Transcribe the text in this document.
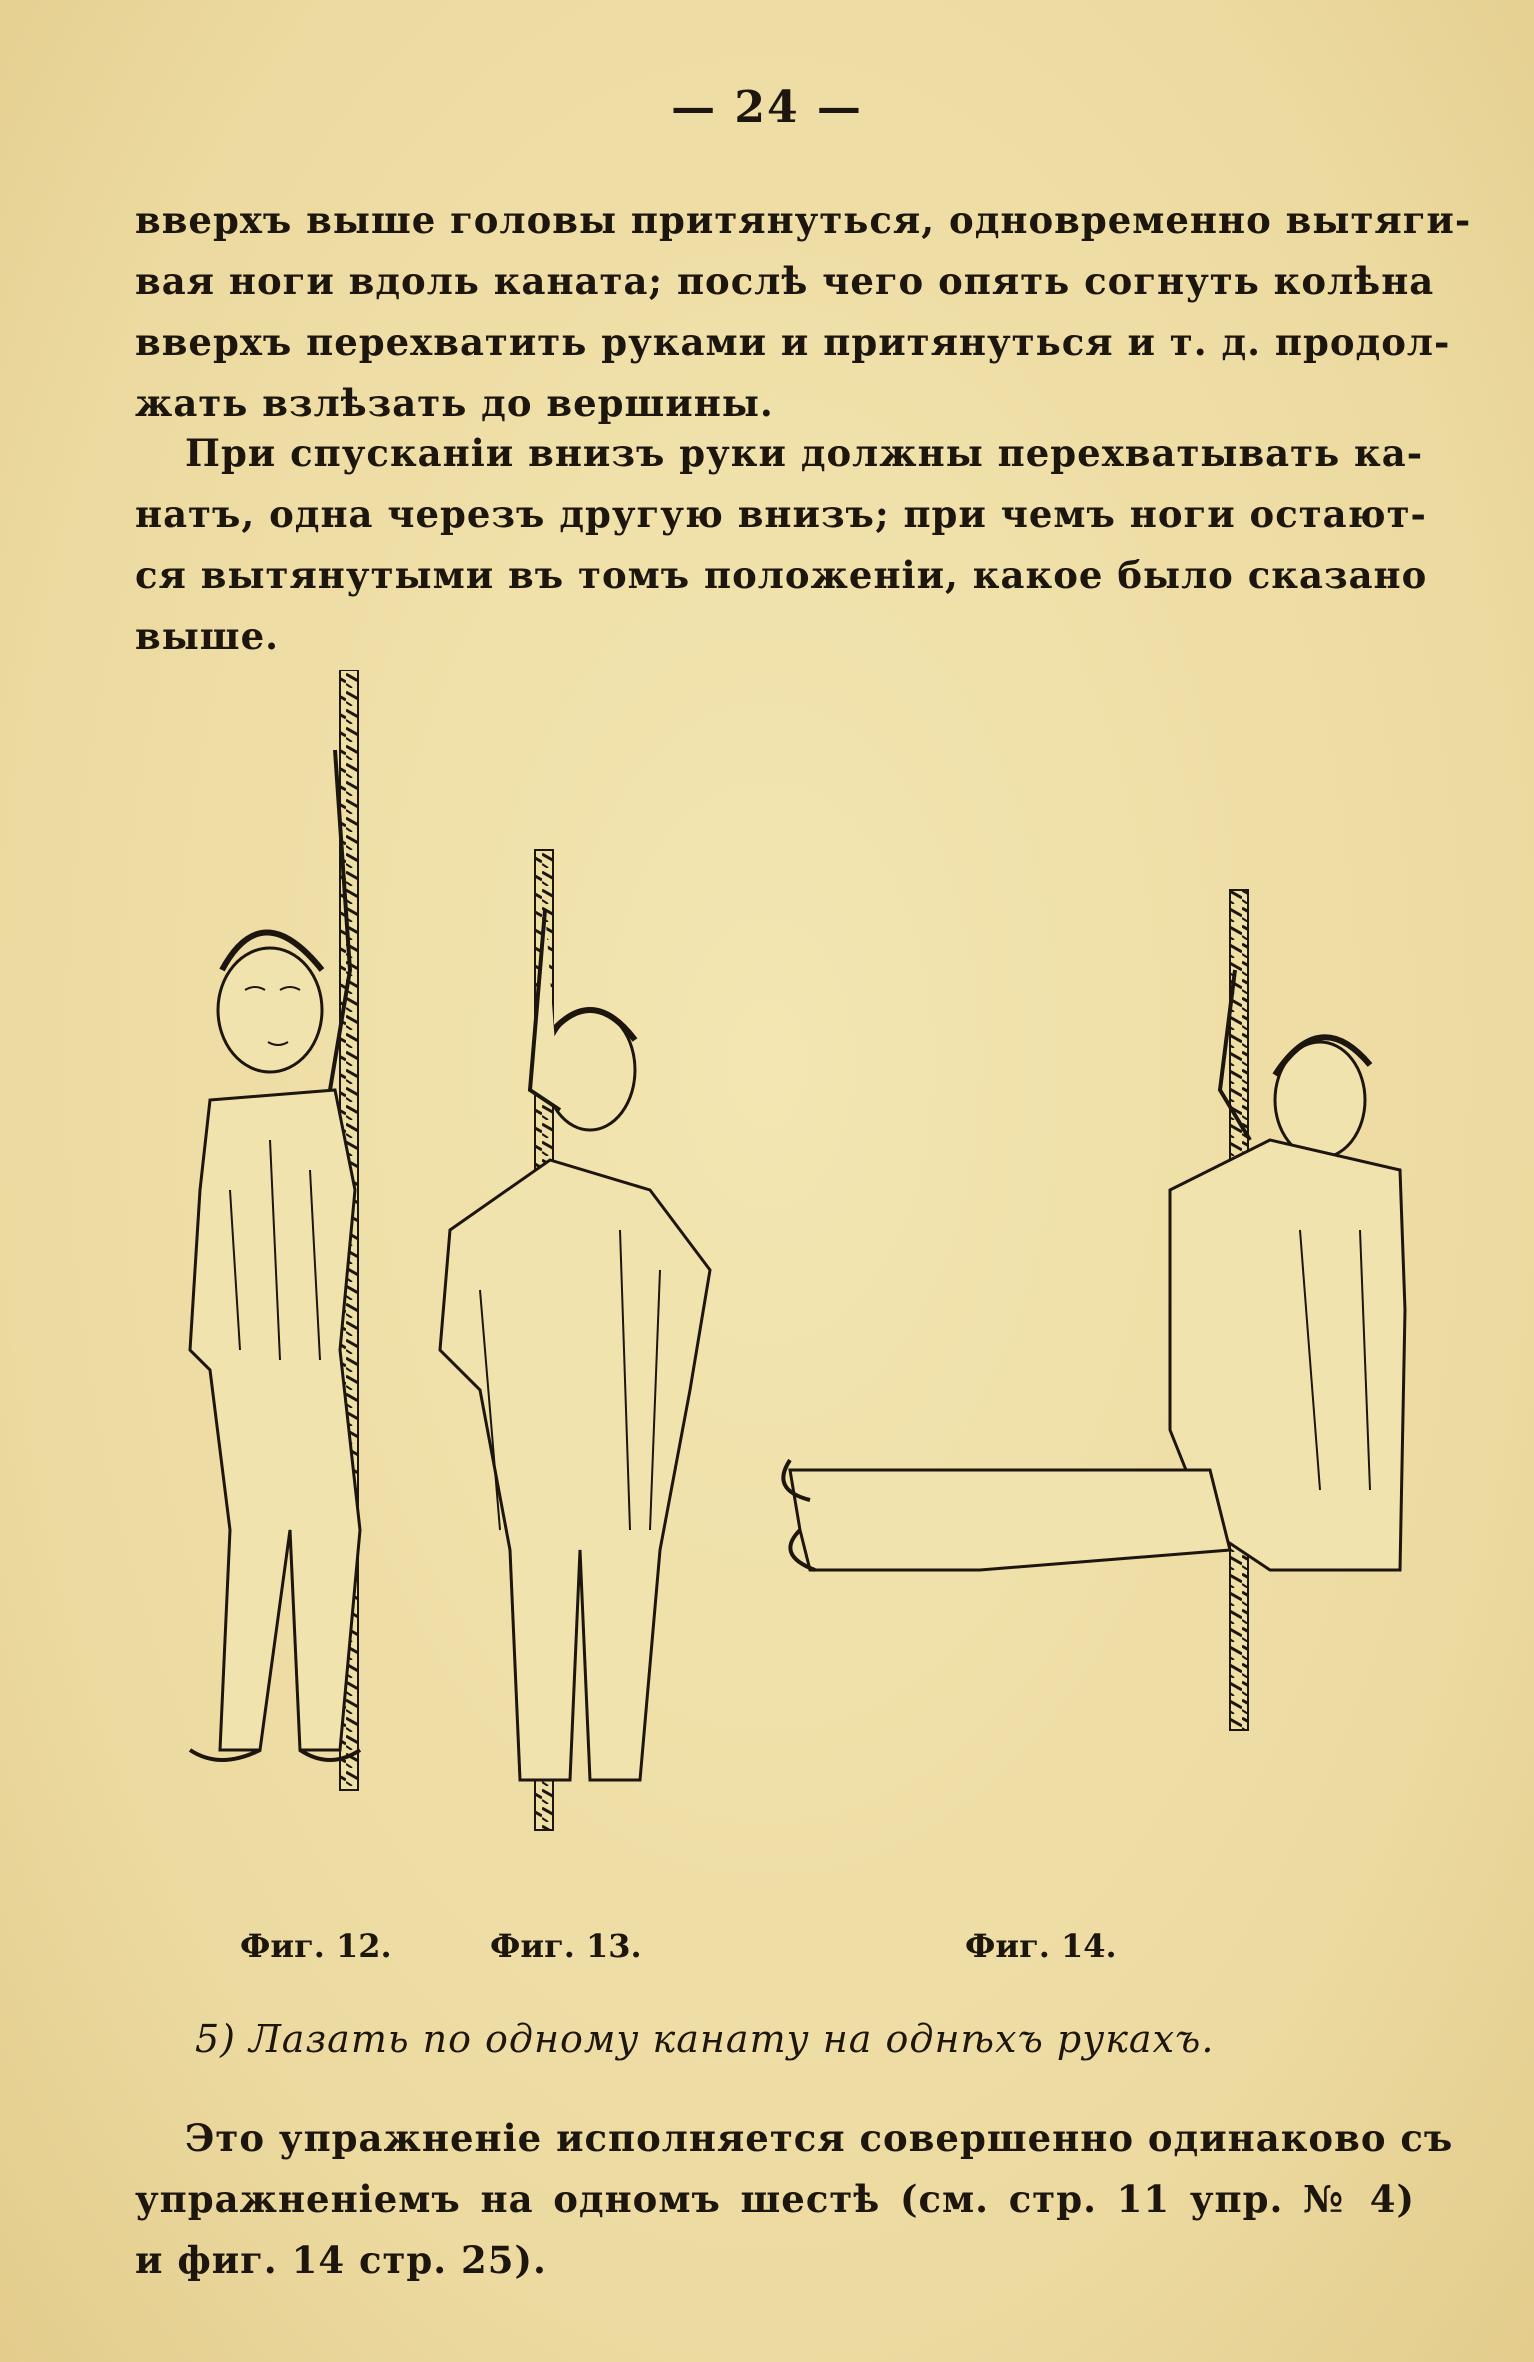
— 24 —

вверхъ выше головы притянуться, одновременно вытяги-
вая ноги вдоль каната; послѣ чего опять согнуть колѣна
вверхъ перехватить руками и притянуться и т. д. продол-
жать взлѣзать до вершины.

При спусканіи внизъ руки должны перехватывать ка-
натъ, одна черезъ другую внизъ; при чемъ ноги остают-
ся вытянутыми въ томъ положеніи, какое было сказано
выше.

Фиг. 12.	Фиг. 13.	Фиг. 14.
5) Лазать по одному канату на однѣхъ рукахъ.

Это упражненіе исполняется совершенно одинаково съ
упражненіемъ на одномъ шестѣ (см. стр. 11 упр. № 4)
и фиг. 14 стр. 25).
